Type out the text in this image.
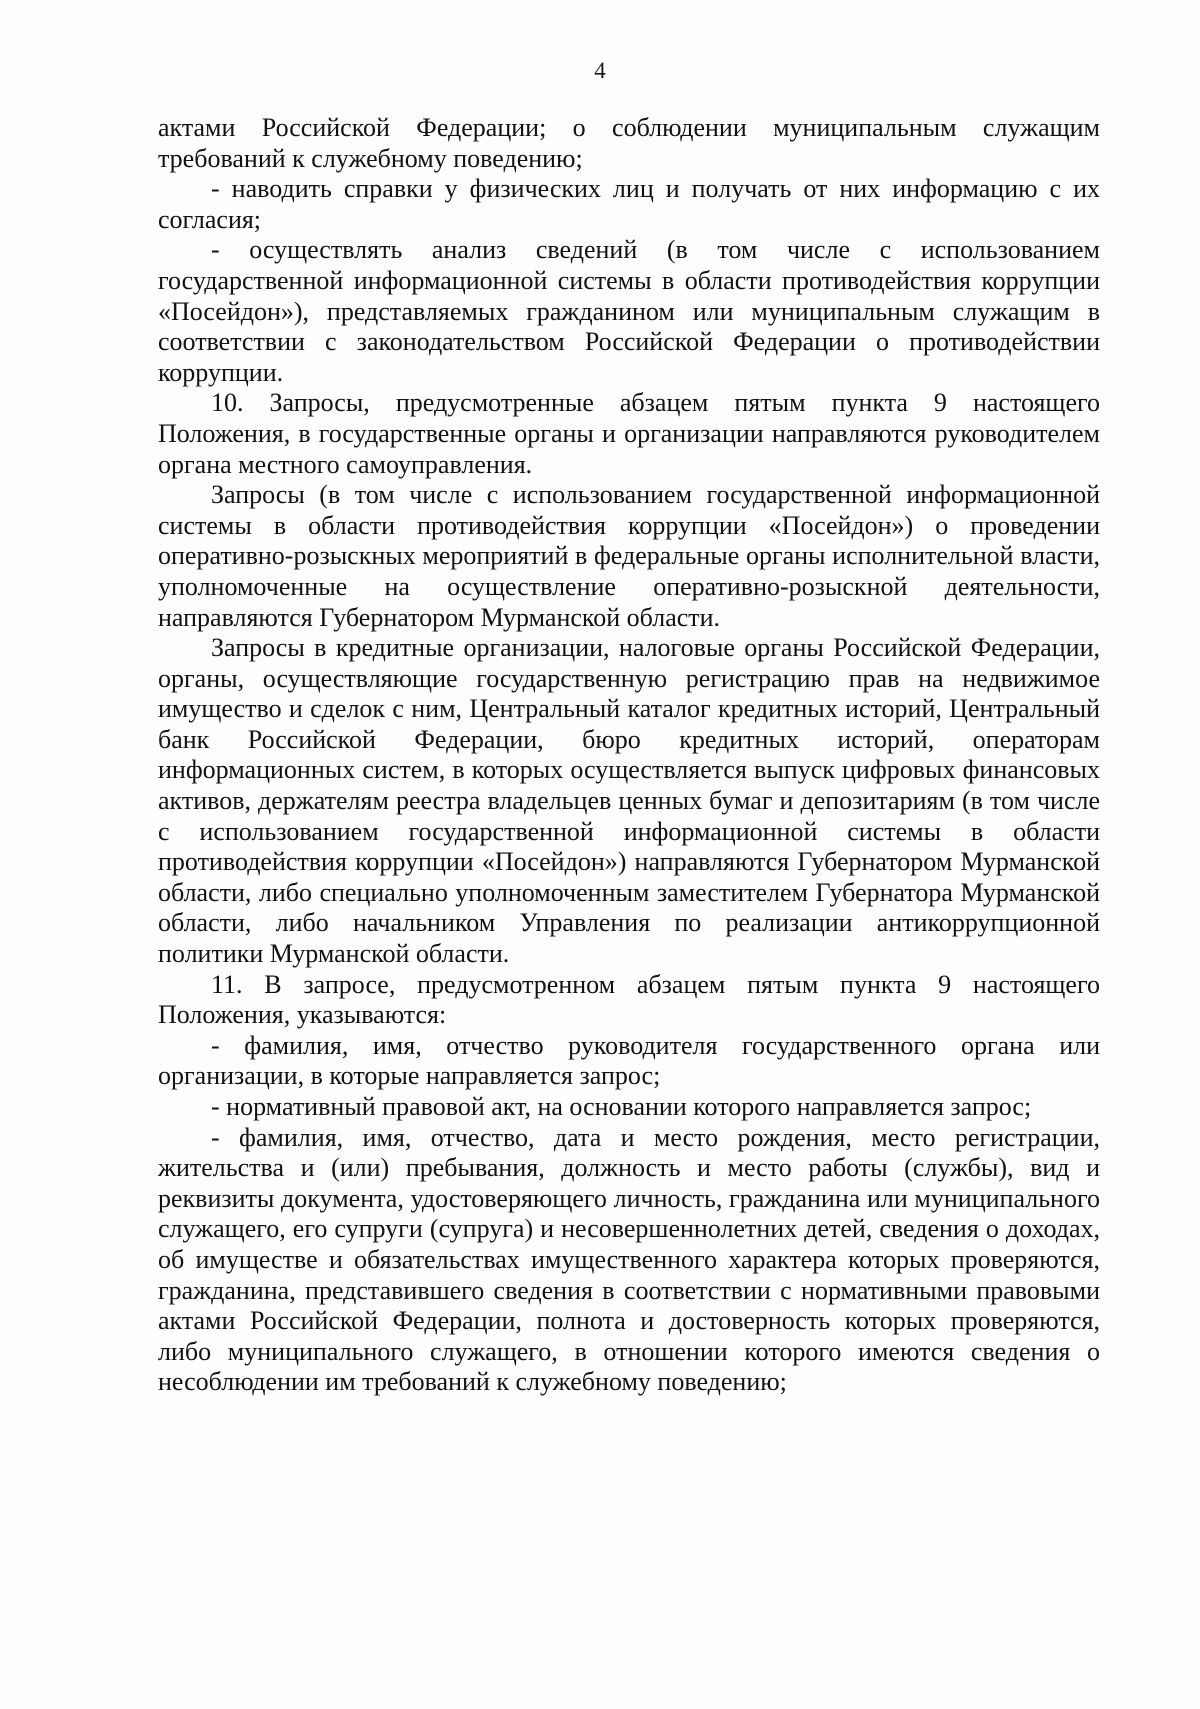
4

актами Российской Федерации; о соблюдении муниципальным служащим требований к служебному поведению;

- наводить справки у физических лиц и получать от них информацию с их согласия;

- осуществлять анализ сведений (в том числе с использованием государственной информационной системы в области противодействия коррупции «Посейдон»), представляемых гражданином или муниципальным служащим в соответствии с законодательством Российской Федерации о противодействии коррупции.

10. Запросы, предусмотренные абзацем пятым пункта 9 настоящего Положения, в государственные органы и организации направляются руководителем органа местного самоуправления.

Запросы (в том числе с использованием государственной информационной системы в области противодействия коррупции «Посейдон») о проведении оперативно-розыскных мероприятий в федеральные органы исполнительной власти, уполномоченные на осуществление оперативно-розыскной деятельности, направляются Губернатором Мурманской области.

Запросы в кредитные организации, налоговые органы Российской Федерации, органы, осуществляющие государственную регистрацию прав на недвижимое имущество и сделок с ним, Центральный каталог кредитных историй, Центральный банк Российской Федерации, бюро кредитных историй, операторам информационных систем, в которых осуществляется выпуск цифровых финансовых активов, держателям реестра владельцев ценных бумаг и депозитариям (в том числе с использованием государственной информационной системы в области противодействия коррупции «Посейдон») направляются Губернатором Мурманской области, либо специально уполномоченным заместителем Губернатора Мурманской области, либо начальником Управления по реализации антикоррупционной политики Мурманской области.

11. В запросе, предусмотренном абзацем пятым пункта 9 настоящего Положения, указываются:

- фамилия, имя, отчество руководителя государственного органа или организации, в которые направляется запрос;

- нормативный правовой акт, на основании которого направляется запрос;

- фамилия, имя, отчество, дата и место рождения, место регистрации, жительства и (или) пребывания, должность и место работы (службы), вид и реквизиты документа, удостоверяющего личность, гражданина или муниципального служащего, его супруги (супруга) и несовершеннолетних детей, сведения о доходах, об имуществе и обязательствах имущественного характера которых проверяются, гражданина, представившего сведения в соответствии с нормативными правовыми актами Российской Федерации, полнота и достоверность которых проверяются, либо муниципального служащего, в отношении которого имеются сведения о несоблюдении им требований к служебному поведению;
